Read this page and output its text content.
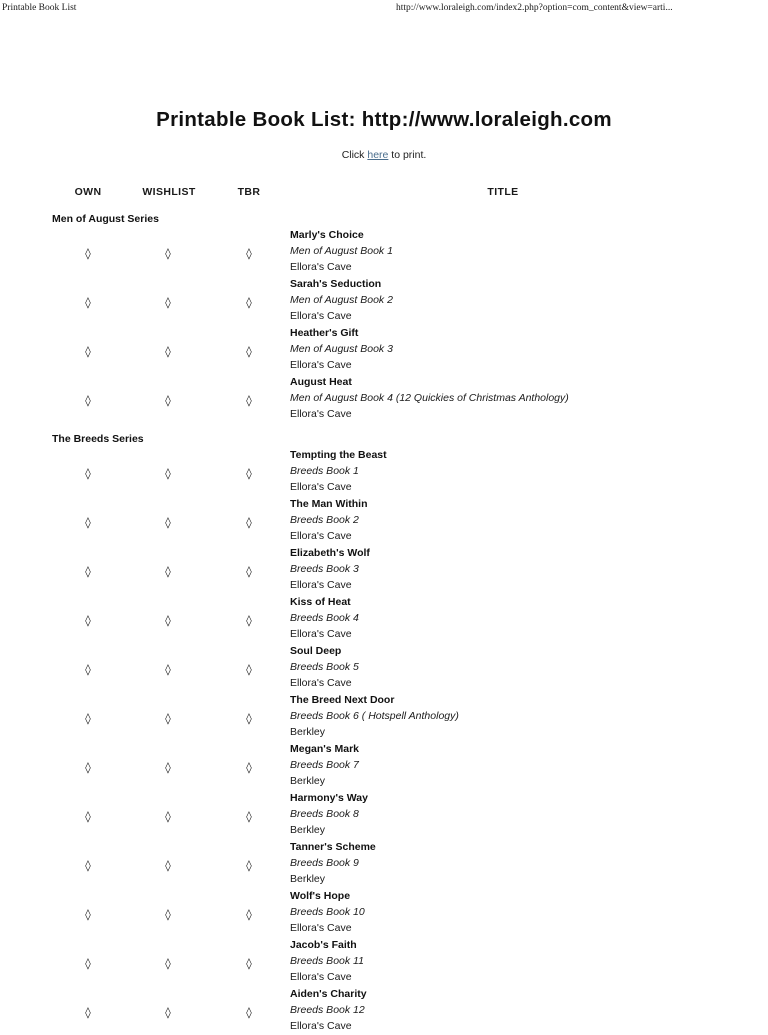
Printable Book List	http://www.loraleigh.com/index2.php?option=com_content&view=arti...
Printable Book List: http://www.loraleigh.com
Click here to print.
OWN	WISHLIST	TBR	TITLE
Men of August Series
◊	◊	◊
Marly's Choice
Men of August Book 1
Ellora's Cave
◊	◊	◊
Sarah's Seduction
Men of August Book 2
Ellora's Cave
◊	◊	◊
Heather's Gift
Men of August Book 3
Ellora's Cave
◊	◊	◊
August Heat
Men of August Book 4 (12 Quickies of Christmas Anthology)
Ellora's Cave
The Breeds Series
◊	◊	◊
Tempting the Beast
Breeds Book 1
Ellora's Cave
◊	◊	◊
The Man Within
Breeds Book 2
Ellora's Cave
◊	◊	◊
Elizabeth's Wolf
Breeds Book 3
Ellora's Cave
◊	◊	◊
Kiss of Heat
Breeds Book 4
Ellora's Cave
◊	◊	◊
Soul Deep
Breeds Book 5
Ellora's Cave
◊	◊	◊
The Breed Next Door
Breeds Book 6 ( Hotspell Anthology)
Berkley
◊	◊	◊
Megan's Mark
Breeds Book 7
Berkley
◊	◊	◊
Harmony's Way
Breeds Book 8
Berkley
◊	◊	◊
Tanner's Scheme
Breeds Book 9
Berkley
◊	◊	◊
Wolf's Hope
Breeds Book 10
Ellora's Cave
◊	◊	◊
Jacob's Faith
Breeds Book 11
Ellora's Cave
◊	◊	◊
Aiden's Charity
Breeds Book 12
Ellora's Cave
